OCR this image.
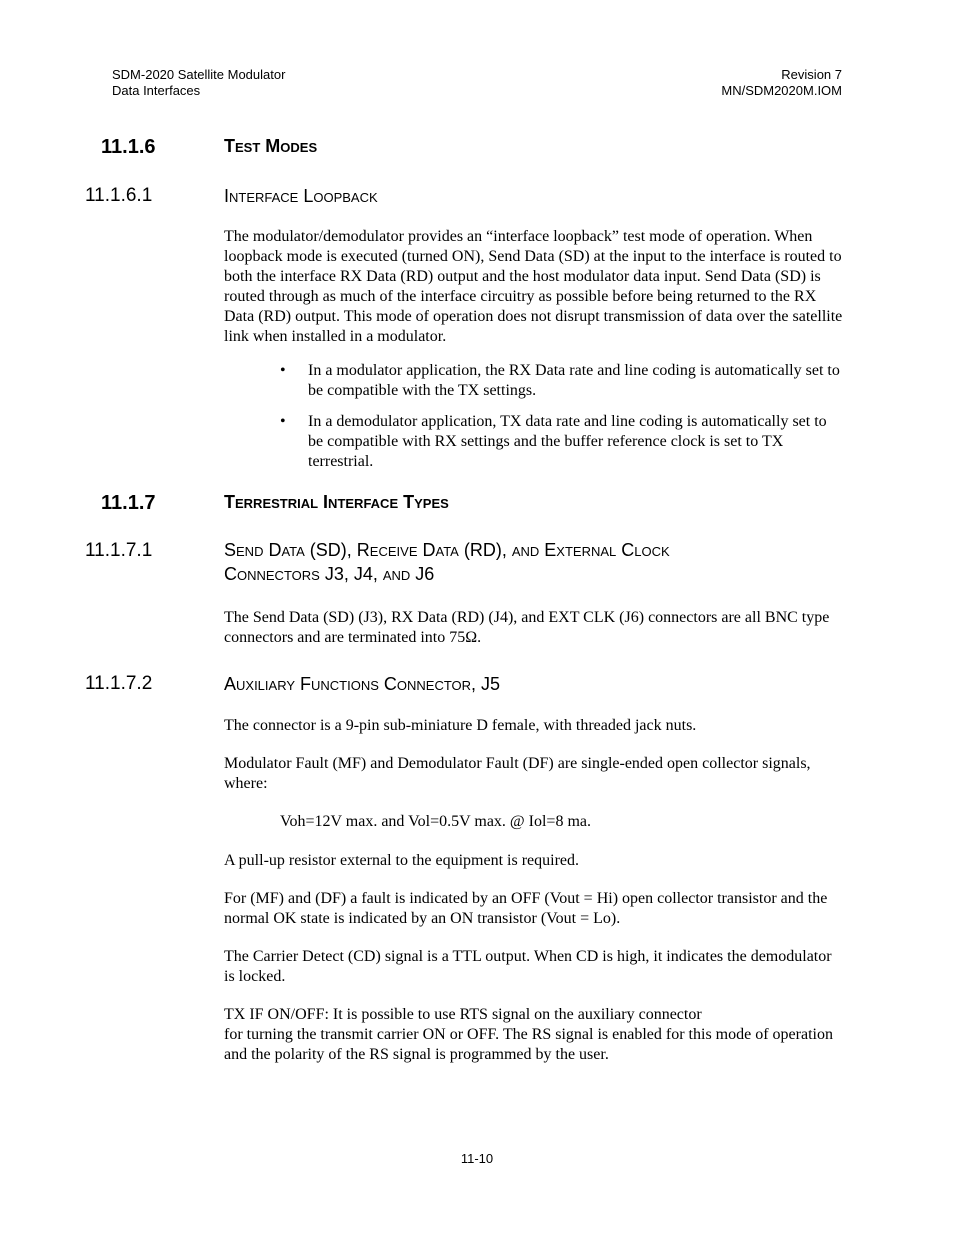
SDM-2020 Satellite Modulator
Data Interfaces
Revision 7
MN/SDM2020M.IOM
11.1.6	Test Modes
11.1.6.1	Interface Loopback

The modulator/demodulator provides an “interface loopback” test mode of operation. When loopback mode is executed (turned ON), Send Data (SD) at the input to the interface is routed to both the interface RX Data (RD) output and the host modulator data input. Send Data (SD) is routed through as much of the interface circuitry as possible before being returned to the RX Data (RD) output. This mode of operation does not disrupt transmission of data over the satellite link when installed in a modulator.

• In a modulator application, the RX Data rate and line coding is automatically set to be compatible with the TX settings.

• In a demodulator application, TX data rate and line coding is automatically set to be compatible with RX settings and the buffer reference clock is set to TX terrestrial.

11.1.7	Terrestrial Interface Types
11.1.7.1	Send Data (SD), Receive Data (RD), and External Clock
Connectors J3, J4, and J6

The Send Data (SD) (J3), RX Data (RD) (J4), and EXT CLK (J6) connectors are all BNC type connectors and are terminated into 75Ω.

11.1.7.2	Auxiliary Functions Connector, J5

The connector is a 9-pin sub-miniature D female, with threaded jack nuts.

Modulator Fault (MF) and Demodulator Fault (DF) are single-ended open collector signals, where:

Voh=12V max. and Vol=0.5V max. @ Iol=8 ma.

A pull-up resistor external to the equipment is required.

For (MF) and (DF) a fault is indicated by an OFF (Vout = Hi) open collector transistor and the normal OK state is indicated by an ON transistor (Vout = Lo).

The Carrier Detect (CD) signal is a TTL output. When CD is high, it indicates the demodulator is locked.

TX IF ON/OFF: It is possible to use RTS signal on the auxiliary connector

for turning the transmit carrier ON or OFF. The RS signal is enabled for this mode of operation and the polarity of the RS signal is programmed by the user.

11-10
